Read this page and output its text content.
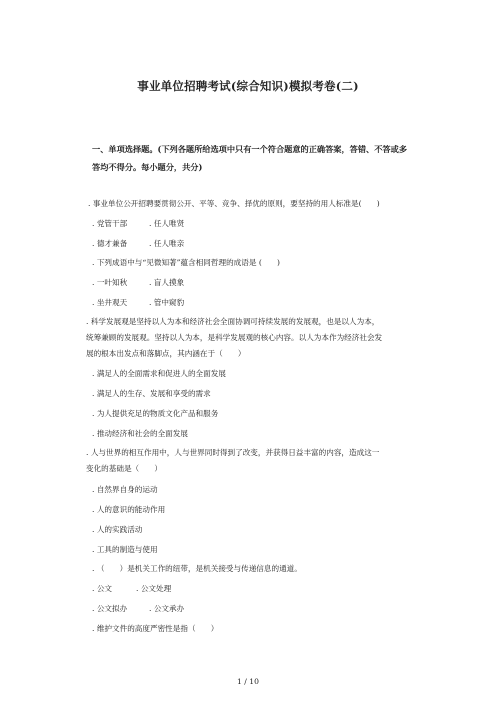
事业单位招聘考试(综合知识)模拟考卷(二)
一、单项选择题。(下列各题所给选项中只有一个符合题意的正确答案，答错、不答或多
答均不得分。每小题分，共分)
. 事业单位公开招聘要贯彻公开、平等、竞争、择优的原则，要坚持的用人标准是(　　)
. 党管干部	. 任人唯贤
. 德才兼备	. 任人唯亲
. 下列成语中与“见微知著”蕴含相同哲理的成语是 (　　)
. 一叶知秋	. 盲人摸象
. 坐井观天	. 管中窥豹
. 科学发展观是坚持以人为本和经济社会全面协调可持续发展的发展观，也是以人为本，
统筹兼顾的发展观。坚持以人为本，是科学发展观的核心内容。以人为本作为经济社会发
展的根本出发点和落脚点，其内涵在于（　　）
. 满足人的全面需求和促进人的全面发展
. 满足人的生存、发展和享受的需求
. 为人提供充足的物质文化产品和服务
. 推动经济和社会的全面发展
. 人与世界的相互作用中，人与世界同时得到了改变，并获得日益丰富的内容，造成这一
变化的基础是（　　）
. 自然界自身的运动
. 人的意识的能动作用
. 人的实践活动
. 工具的制造与使用
. （　　）是机关工作的纽带，是机关接受与传递信息的通道。
. 公文	. 公文处理
. 公文拟办	. 公文承办
. 维护文件的高度严密性是指（　　）
1 / 10
